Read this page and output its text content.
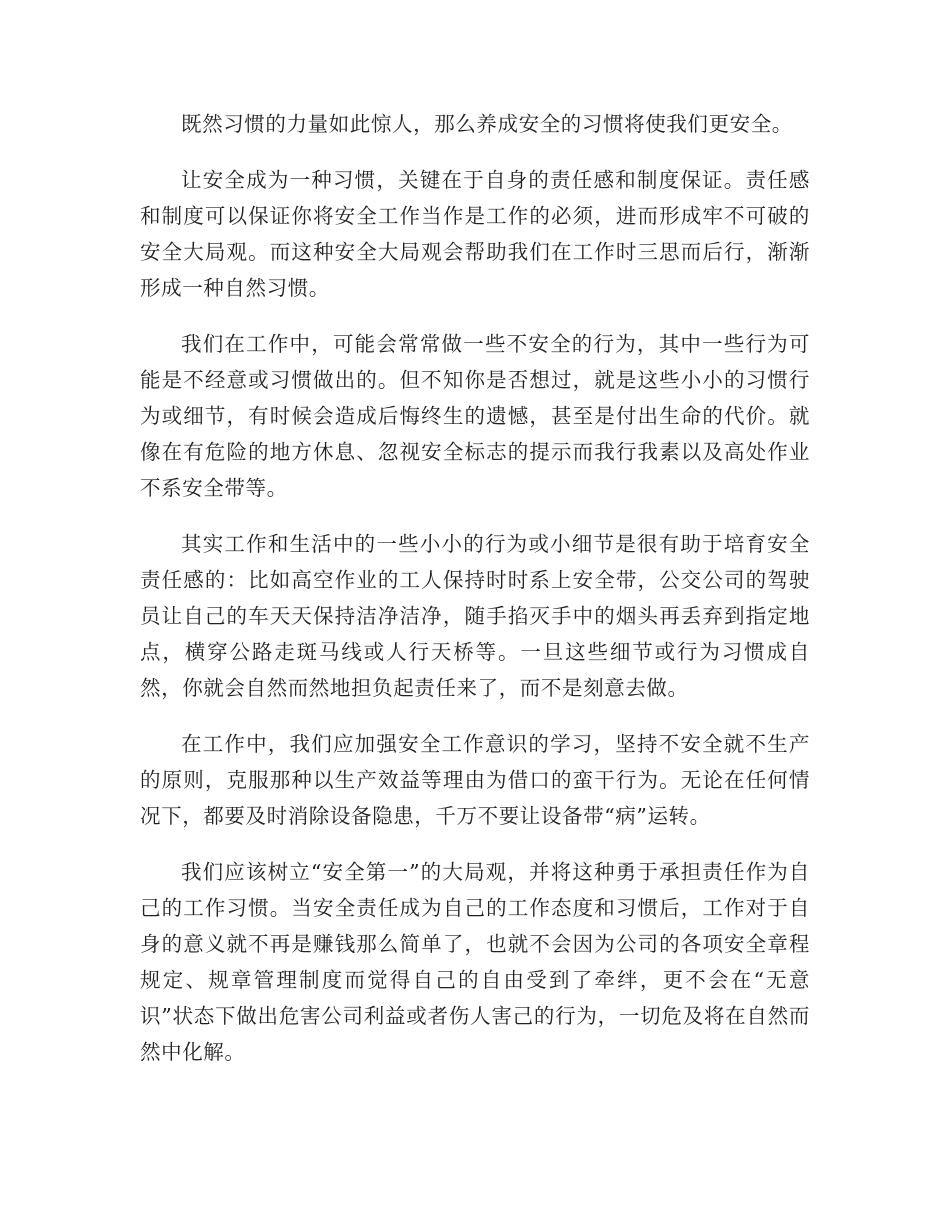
既然习惯的力量如此惊人，那么养成安全的习惯将使我们更安全。

让安全成为一种习惯，关键在于自身的责任感和制度保证。责任感和制度可以保证你将安全工作当作是工作的必须，进而形成牢不可破的安全大局观。而这种安全大局观会帮助我们在工作时三思而后行，渐渐形成一种自然习惯。

我们在工作中，可能会常常做一些不安全的行为，其中一些行为可能是不经意或习惯做出的。但不知你是否想过，就是这些小小的习惯行为或细节，有时候会造成后悔终生的遗憾，甚至是付出生命的代价。就像在有危险的地方休息、忽视安全标志的提示而我行我素以及高处作业不系安全带等。

其实工作和生活中的一些小小的行为或小细节是很有助于培育安全责任感的：比如高空作业的工人保持时时系上安全带，公交公司的驾驶员让自己的车天天保持洁净洁净，随手掐灭手中的烟头再丢弃到指定地点，横穿公路走斑马线或人行天桥等。一旦这些细节或行为习惯成自然，你就会自然而然地担负起责任来了，而不是刻意去做。

在工作中，我们应加强安全工作意识的学习，坚持不安全就不生产的原则，克服那种以生产效益等理由为借口的蛮干行为。无论在任何情况下，都要及时消除设备隐患，千万不要让设备带“病”运转。

我们应该树立“安全第一”的大局观，并将这种勇于承担责任作为自己的工作习惯。当安全责任成为自己的工作态度和习惯后，工作对于自身的意义就不再是赚钱那么简单了，也就不会因为公司的各项安全章程规定、规章管理制度而觉得自己的自由受到了牵绊，更不会在“无意识”状态下做出危害公司利益或者伤人害己的行为，一切危及将在自然而然中化解。
